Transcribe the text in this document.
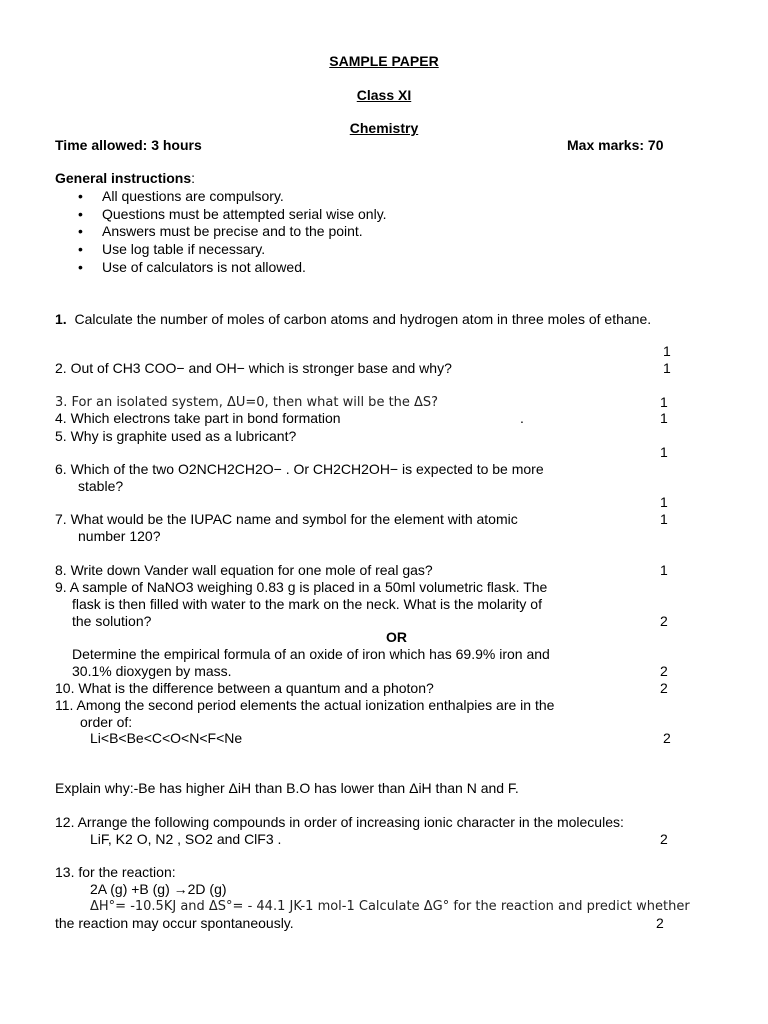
SAMPLE PAPER
Class XI
Chemistry
Time allowed: 3 hours	Max marks: 70
General instructions:
• All questions are compulsory.
• Questions must be attempted serial wise only.
• Answers must be precise and to the point.
• Use log table if necessary.
• Use of calculators is not allowed.
1. Calculate the number of moles of carbon atoms and hydrogen atom in three moles of ethane.
1
2. Out of CH3 COO− and OH− which is stronger base and why?	1
3. For an isolated system, ΔU=0, then what will be the ΔS?	1
4. Which electrons take part in bond formation	.	1
5. Why is graphite used as a lubricant?
1
6. Which of the two O2NCH2CH2O− . Or CH2CH2OH− is expected to be more
stable?
1
7. What would be the IUPAC name and symbol for the element with atomic	1
number 120?
8. Write down Vander wall equation for one mole of real gas?	1
9. A sample of NaNO3 weighing 0.83 g is placed in a 50ml volumetric flask. The
flask is then filled with water to the mark on the neck. What is the molarity of
the solution?	2
OR
Determine the empirical formula of an oxide of iron which has 69.9% iron and
30.1% dioxygen by mass.	2
10. What is the difference between a quantum and a photon?	2
11. Among the second period elements the actual ionization enthalpies are in the
order of:
Li<B<Be<C<O<N<F<Ne	2
Explain why:-Be has higher ΔiH than B.O has lower than ΔiH than N and F.
12. Arrange the following compounds in order of increasing ionic character in the molecules:
LiF, K2 O, N2 , SO2 and ClF3 .	2
13. for the reaction:
2A (g) +B (g) →2D (g)
ΔH°= -10.5KJ and ΔS°= - 44.1 JK-1 mol-1 Calculate ΔG° for the reaction and predict whether
the reaction may occur spontaneously.	2
